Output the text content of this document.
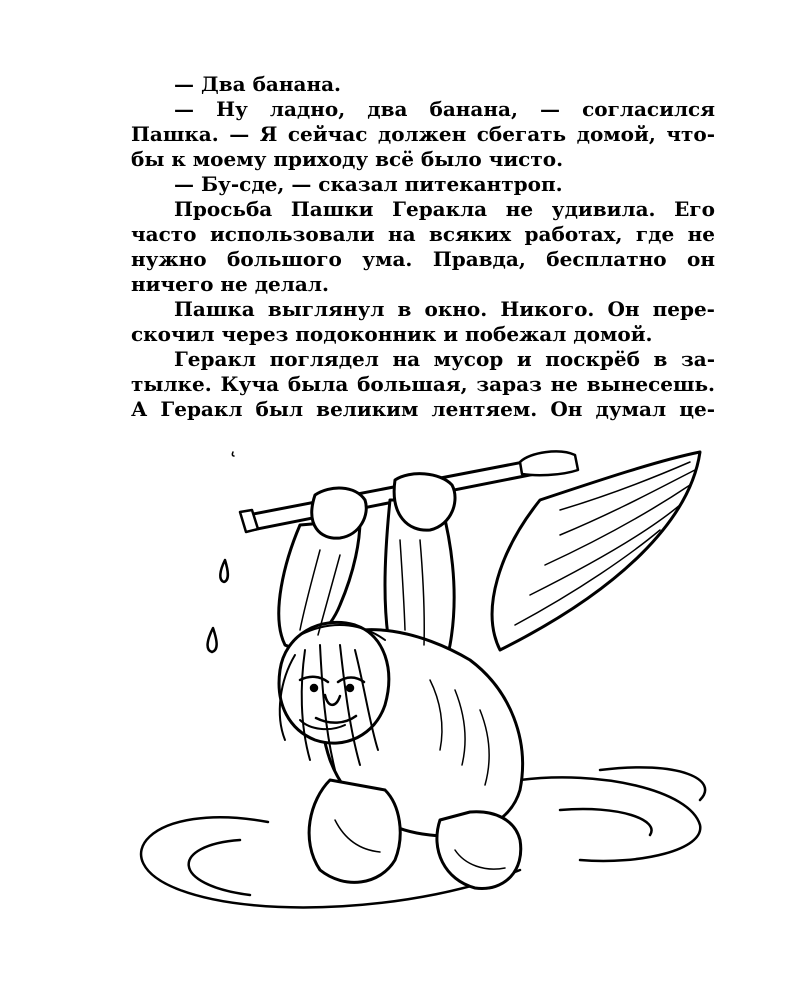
— Два банана.
— Ну ладно, два банана, — согласился
Пашка. — Я сейчас должен сбегать домой, что-
бы к моему приходу всё было чисто.
— Бу-сде, — сказал питекантроп.
Просьба Пашки Геракла не удивила. Его
часто использовали на всяких работах, где не
нужно большого ума. Правда, бесплатно он
ничего не делал.
Пашка выглянул в окно. Никого. Он пере-
скочил через подоконник и побежал домой.
Геракл поглядел на мусор и поскрёб в за-
тылке. Куча была большая, зараз не вынесешь.
А Геракл был великим лентяем. Он думал це-
